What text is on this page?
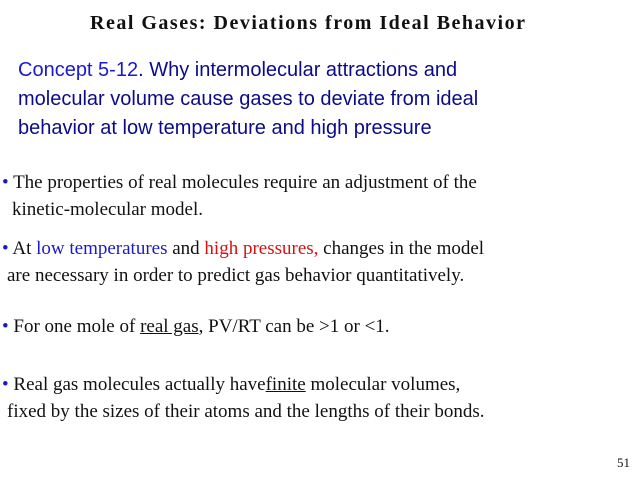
Real Gases: Deviations from Ideal Behavior
Concept 5-12. Why intermolecular attractions and
molecular volume cause gases to deviate from ideal
behavior at low temperature and high pressure
• The properties of real molecules require an adjustment of the
kinetic-molecular model.
• At low temperatures and high pressures, changes in the model
are necessary in order to predict gas behavior quantitatively.
• For one mole of real gas, PV/RT can be >1 or <1.
• Real gas molecules actually havefinite molecular volumes,
fixed by the sizes of their atoms and the lengths of their bonds.
51
